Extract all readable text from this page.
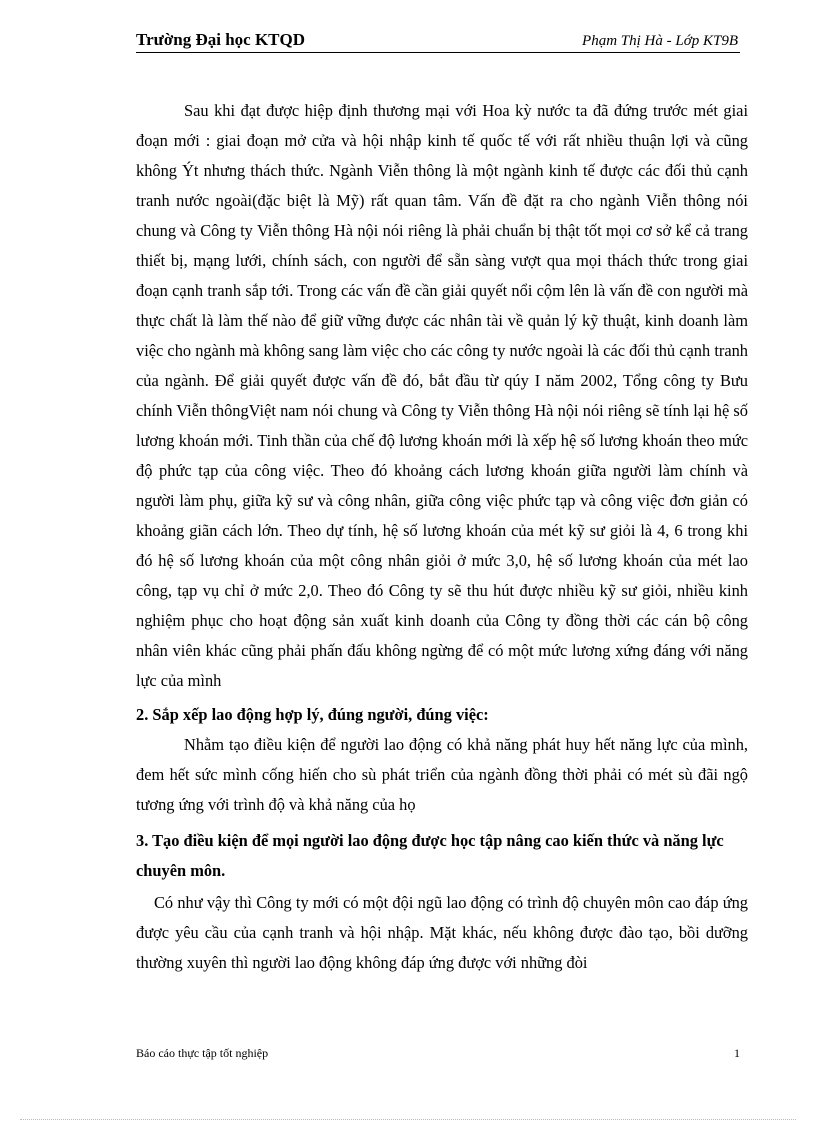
Trường Đại học KTQD	Phạm Thị Hà - Lớp KT9B

Sau khi đạt được hiệp định thương mại với Hoa kỳ nước ta đã đứng trước mét giai đoạn mới : giai đoạn mở cửa và hội nhập kinh tế quốc tế với rất nhiều thuận lợi và cũng không Ýt nhưng thách thức. Ngành Viễn thông là một ngành kinh tế được các đối thủ cạnh tranh nước ngoài(đặc biệt là Mỹ) rất quan tâm. Vấn đề đặt ra cho ngành Viễn thông nói chung và Công ty Viễn thông Hà nội nói riêng là phải chuẩn bị thật tốt mọi cơ sở kể cả trang thiết bị, mạng lưới, chính sách, con người để sẵn sàng vượt qua mọi thách thức trong giai đoạn cạnh tranh sắp tới. Trong các vấn đề cần giải quyết nổi cộm lên là vấn đề con người mà thực chất là làm thế nào để giữ vững được các nhân tài về quản lý kỹ thuật, kinh doanh làm việc cho ngành mà không sang làm việc cho các công ty nước ngoài là các đối thủ cạnh tranh của ngành. Để giải quyết được vấn đề đó, bắt đầu từ qúy I năm 2002, Tổng công ty Bưu chính Viễn thôngViệt nam nói chung và Công ty Viễn thông Hà nội nói riêng sẽ tính lại hệ số lương khoán mới. Tinh thần của chế độ lương khoán mới là xếp hệ số lương khoán theo mức độ phức tạp của công việc. Theo đó khoảng cách lương khoán giữa người làm chính và người làm phụ, giữa kỹ sư và công nhân, giữa công việc phức tạp và công việc đơn giản có khoảng giãn cách lớn. Theo dự tính, hệ số lương khoán của mét kỹ sư giỏi là 4, 6 trong khi đó hệ số lương khoán của một công nhân giỏi ở mức 3,0, hệ số lương khoán của mét lao công, tạp vụ chỉ ở mức 2,0. Theo đó Công ty sẽ thu hút được nhiều kỹ sư giỏi, nhiều kinh nghiệm phục cho hoạt động sản xuất kinh doanh của Công ty đồng thời các cán bộ công nhân viên khác cũng phải phấn đấu không ngừng để có một mức lương xứng đáng với năng lực của mình

2. Sắp xếp lao động hợp lý, đúng người, đúng việc:

Nhằm tạo điều kiện để người lao động có khả năng phát huy hết năng lực của mình, đem hết sức mình cống hiến cho sù phát triển của ngành đồng thời phải có mét sù đãi ngộ tương ứng với trình độ và khả năng của họ

3. Tạo điều kiện để mọi người lao động được học tập nâng cao kiến thức và năng lực chuyên môn.

Có như vậy thì Công ty mới có một đội ngũ lao động có trình độ chuyên môn cao đáp ứng được yêu cầu của cạnh tranh và hội nhập. Mặt khác, nếu không được đào tạo, bồi dưỡng thường xuyên thì người lao động không đáp ứng được với những đòi

Báo cáo thực tập tốt nghiệp	1
